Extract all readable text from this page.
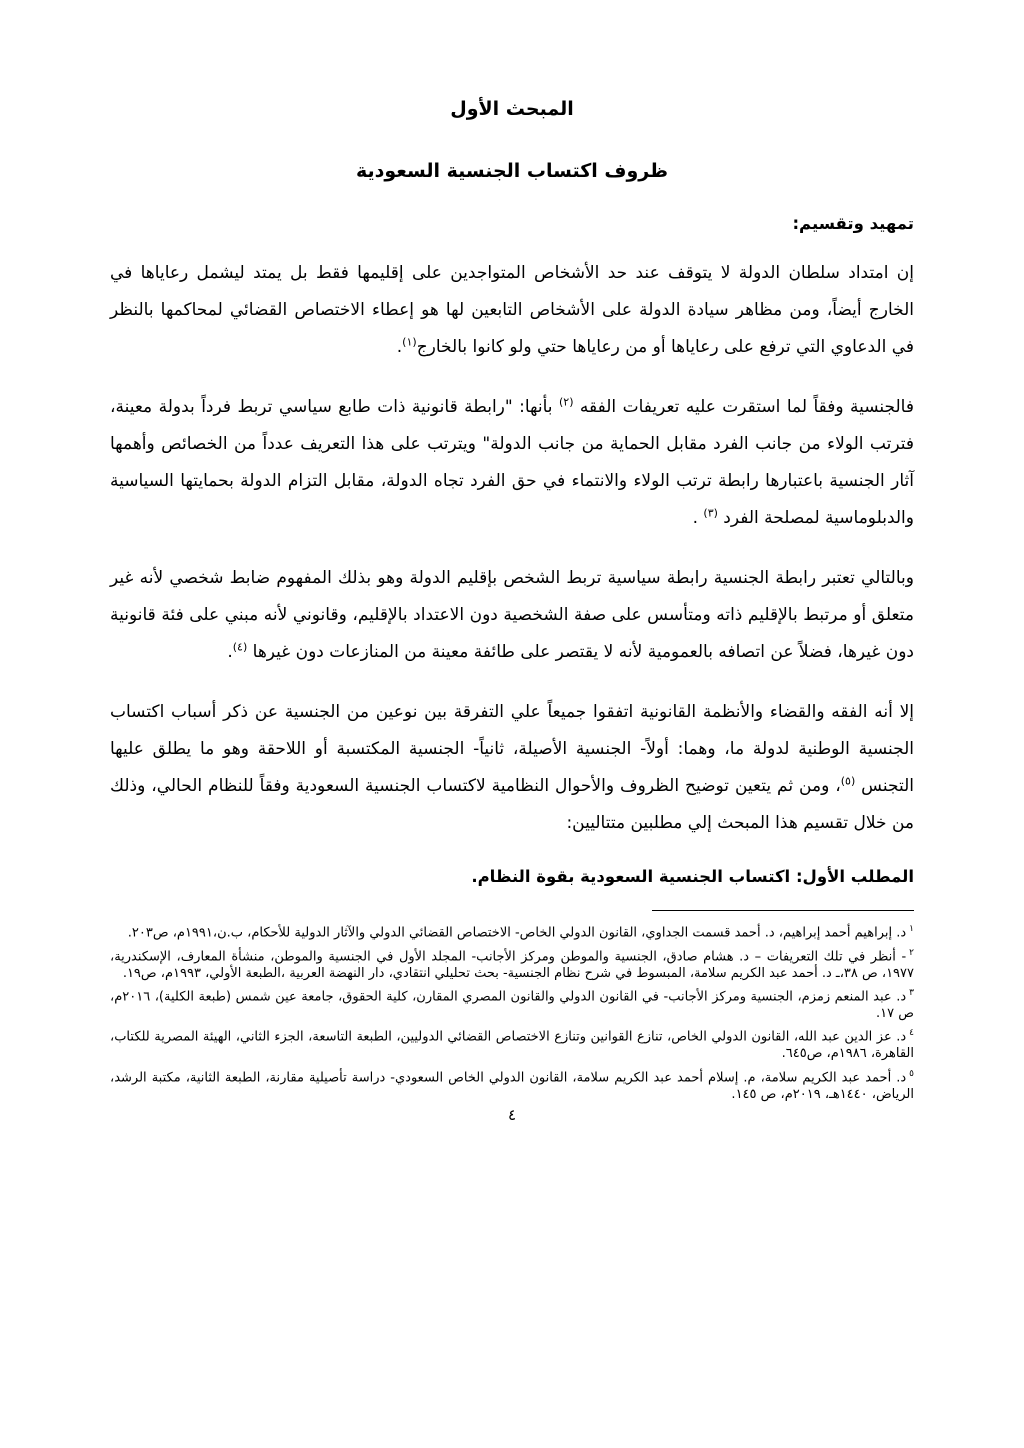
المبحث الأول
ظروف اكتساب الجنسية السعودية

تمهيد وتقسيم:

إن امتداد سلطان الدولة لا يتوقف عند حد الأشخاص المتواجدين على إقليمها فقط بل يمتد ليشمل رعاياها في الخارج أيضاً، ومن مظاهر سيادة الدولة على الأشخاص التابعين لها هو إعطاء الاختصاص القضائي لمحاكمها بالنظر في الدعاوي التي ترفع على رعاياها أو من رعاياها حتي ولو كانوا بالخارج$^{(١)}$.

فالجنسية وفقاً لما استقرت عليه تعريفات الفقه $^{(٢)}$ بأنها: "رابطة قانونية ذات طابع سياسي تربط فرداً بدولة معينة، فترتب الولاء من جانب الفرد مقابل الحماية من جانب الدولة" ويترتب على هذا التعريف عدداً من الخصائص وأهمها آثار الجنسية باعتبارها رابطة ترتب الولاء والانتماء في حق الفرد تجاه الدولة، مقابل التزام الدولة بحمايتها السياسية والدبلوماسية لمصلحة الفرد $^{(٣)}$ .

وبالتالي تعتبر رابطة الجنسية رابطة سياسية تربط الشخص بإقليم الدولة وهو بذلك المفهوم ضابط شخصي لأنه غير متعلق أو مرتبط بالإقليم ذاته ومتأسس على صفة الشخصية دون الاعتداد بالإقليم، وقانوني لأنه مبني على فئة قانونية دون غيرها، فضلاً عن اتصافه بالعمومية لأنه لا يقتصر على طائفة معينة من المنازعات دون غيرها $^{(٤)}$.

إلا أنه الفقه والقضاء والأنظمة القانونية اتفقوا جميعاً علي التفرقة بين نوعين من الجنسية عن ذكر أسباب اكتساب الجنسية الوطنية لدولة ما، وهما: أولاً- الجنسية الأصيلة، ثانياً- الجنسية المكتسبة أو اللاحقة وهو ما يطلق عليها التجنس $^{(٥)}$، ومن ثم يتعين توضيح الظروف والأحوال النظامية لاكتساب الجنسية السعودية وفقاً للنظام الحالي، وذلك من خلال تقسيم هذا المبحث إلي مطلبين متتاليين:

المطلب الأول: اكتساب الجنسية السعودية بقوة النظام.

$^١$د. إبراهيم أحمد إبراهيم، د. أحمد قسمت الجداوي، القانون الدولي الخاص- الاختصاص القضائي الدولي والآثار الدولية للأحكام، ب.ن،١٩٩١م، ص٢٠٣.

$^٢$- أنظر في تلك التعريفات – د. هشام صادق، الجنسية والموطن ومركز الأجانب- المجلد الأول في الجنسية والموطن، منشأة المعارف، الإسكندرية، ١٩٧٧، ص ٣٨،ـ د. أحمد عبد الكريم سلامة، المبسوط في شرح نظام الجنسية- بحث تحليلي انتقادي، دار النهضة العربية ،الطبعة الأولي، ١٩٩٣م، ص١٩.

$^٣$د. عبد المنعم زمزم، الجنسية ومركز الأجانب- في القانون الدولي والقانون المصري المقارن، كلية الحقوق، جامعة عين شمس (طبعة الكلية)، ٢٠١٦م، ص ١٧.

$^٤$د. عز الدين عبد الله، القانون الدولي الخاص، تنازع القوانين وتنازع الاختصاص القضائي الدوليين، الطبعة التاسعة، الجزء الثاني، الهيئة المصرية للكتاب، القاهرة، ١٩٨٦م، ص٦٤٥.

$^٥$د. أحمد عبد الكريم سلامة، م. إسلام أحمد عبد الكريم سلامة، القانون الدولي الخاص السعودي- دراسة تأصيلية مقارنة، الطبعة الثانية، مكتبة الرشد، الرياض، ١٤٤٠هـ، ٢٠١٩م، ص ١٤٥.

٤
